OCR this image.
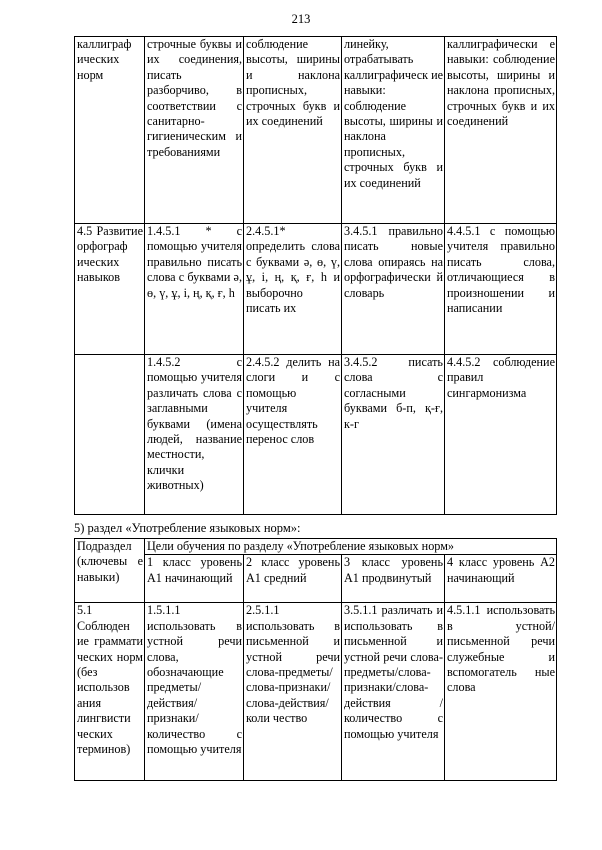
213
каллиграф ических норм	строчные буквы и их соединения, писать разборчиво, в соответствии с санитарно-гигиеническим и требованиями	соблюдение высоты, ширины и наклона прописных, строчных букв и их соединений	линейку, отрабатывать каллиграфическ ие навыки: соблюдение высоты, ширины и наклона прописных, строчных букв и их соединений	каллиграфически е навыки: соблюдение высоты, ширины и наклона прописных, строчных букв и их соединений
4.5 Развитие орфограф ических навыков	1.4.5.1 * с помощью учителя правильно писать слова с буквами ә, ө, ү, ұ, і, ң, қ, ғ, һ	2.4.5.1* определить слова с буквами ә, ө, ү, ұ, і, ң, қ, ғ, һ и выборочно писать их	3.4.5.1 правильно писать новые слова опираясь на орфографически й словарь	4.4.5.1 с помощью учителя правильно писать слова, отличающиеся в произношении и написании
	1.4.5.2 с помощью учителя различать слова с заглавными буквами (имена людей, название местности, клички животных)	2.4.5.2 делить на слоги и с помощью учителя осуществлять перенос слов	3.4.5.2 писать слова с согласными буквами б-п, қ-ғ, к-г	4.4.5.2 соблюдение правил сингармонизма
5) раздел «Употребление языковых норм»:
Подраздел (ключевы е навыки)	Цели обучения по разделу «Употребление языковых норм»			
	1 класс уровень А1 начинающий	2 класс уровень А1 средний	3 класс уровень А1 продвинутый	4 класс уровень А2 начинающий
5.1 Соблюден ие граммати ческих норм (без использов ания лингвисти ческих терминов)	1.5.1.1 использовать в устной речи слова, обозначающие предметы/ действия/ признаки/ количество с помощью учителя	2.5.1.1 использовать в письменной и устной речи слова-предметы/ слова-признаки/ слова-действия/коли чество	3.5.1.1 различать и использовать в письменной и устной речи слова-предметы/слова-признаки/слова-действия /количество с помощью учителя	4.5.1.1 использовать в устной/ письменной речи служебные и вспомогатель ные слова
